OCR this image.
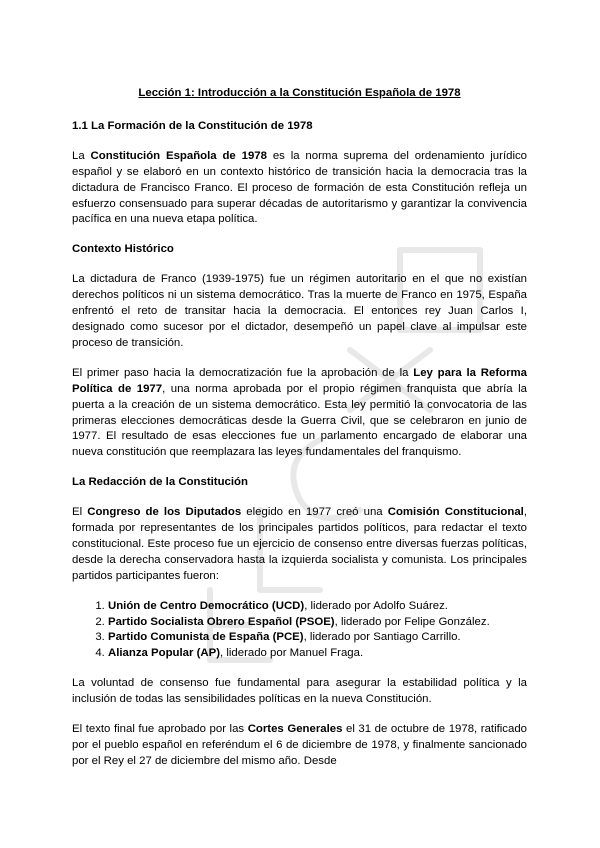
Lección 1: Introducción a la Constitución Española de 1978
1.1 La Formación de la Constitución de 1978

La Constitución Española de 1978 es la norma suprema del ordenamiento jurídico español y se elaboró en un contexto histórico de transición hacia la democracia tras la dictadura de Francisco Franco. El proceso de formación de esta Constitución refleja un esfuerzo consensuado para superar décadas de autoritarismo y garantizar la convivencia pacífica en una nueva etapa política.

Contexto Histórico

La dictadura de Franco (1939-1975) fue un régimen autoritario en el que no existían derechos políticos ni un sistema democrático. Tras la muerte de Franco en 1975, España enfrentó el reto de transitar hacia la democracia. El entonces rey Juan Carlos I, designado como sucesor por el dictador, desempeñó un papel clave al impulsar este proceso de transición.

El primer paso hacia la democratización fue la aprobación de la Ley para la Reforma Política de 1977, una norma aprobada por el propio régimen franquista que abría la puerta a la creación de un sistema democrático. Esta ley permitió la convocatoria de las primeras elecciones democráticas desde la Guerra Civil, que se celebraron en junio de 1977. El resultado de esas elecciones fue un parlamento encargado de elaborar una nueva constitución que reemplazara las leyes fundamentales del franquismo.

La Redacción de la Constitución

El Congreso de los Diputados elegido en 1977 creó una Comisión Constitucional, formada por representantes de los principales partidos políticos, para redactar el texto constitucional. Este proceso fue un ejercicio de consenso entre diversas fuerzas políticas, desde la derecha conservadora hasta la izquierda socialista y comunista. Los principales partidos participantes fueron:

1. Unión de Centro Democrático (UCD), liderado por Adolfo Suárez.
2. Partido Socialista Obrero Español (PSOE), liderado por Felipe González.
3. Partido Comunista de España (PCE), liderado por Santiago Carrillo.
4. Alianza Popular (AP), liderado por Manuel Fraga.

La voluntad de consenso fue fundamental para asegurar la estabilidad política y la inclusión de todas las sensibilidades políticas en la nueva Constitución.

El texto final fue aprobado por las Cortes Generales el 31 de octubre de 1978, ratificado por el pueblo español en referéndum el 6 de diciembre de 1978, y finalmente sancionado por el Rey el 27 de diciembre del mismo año. Desde
